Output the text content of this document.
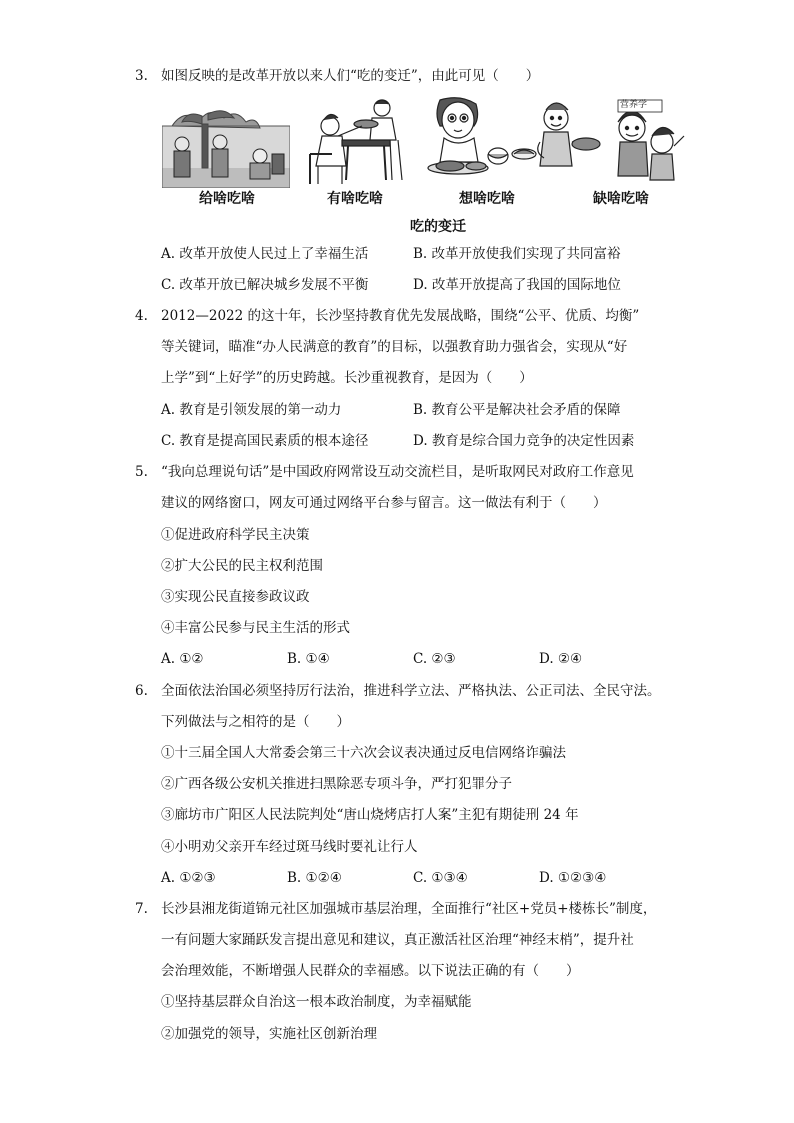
3. 如图反映的是改革开放以来人们“吃的变迁”，由此可见（　　）
营养学
给啥吃啥	有啥吃啥	想啥吃啥	缺啥吃啥
吃的变迁
A. 改革开放使人民过上了幸福生活	B. 改革开放使我们实现了共同富裕
C. 改革开放已解决城乡发展不平衡	D. 改革开放提高了我国的国际地位
4. 2012—2022 的这十年，长沙坚持教育优先发展战略，围绕“公平、优质、均衡”
等关键词，瞄准“办人民满意的教育”的目标，以强教育助力强省会，实现从“好
上学”到“上好学”的历史跨越。长沙重视教育，是因为（　　）
A. 教育是引领发展的第一动力	B. 教育公平是解决社会矛盾的保障
C. 教育是提高国民素质的根本途径	D. 教育是综合国力竞争的决定性因素
5. “我向总理说句话”是中国政府网常设互动交流栏目，是听取网民对政府工作意见
建议的网络窗口，网友可通过网络平台参与留言。这一做法有利于（　　）
①促进政府科学民主决策
②扩大公民的民主权利范围
③实现公民直接参政议政
④丰富公民参与民主生活的形式
A. ①②	B. ①④	C. ②③	D. ②④
6. 全面依法治国必须坚持厉行法治，推进科学立法、严格执法、公正司法、全民守法。
下列做法与之相符的是（　　）
①十三届全国人大常委会第三十六次会议表决通过反电信网络诈骗法
②广西各级公安机关推进扫黑除恶专项斗争，严打犯罪分子
③廊坊市广阳区人民法院判处“唐山烧烤店打人案”主犯有期徒刑 24 年
④小明劝父亲开车经过斑马线时要礼让行人
A. ①②③	B. ①②④	C. ①③④	D. ①②③④
7. 长沙县湘龙街道锦元社区加强城市基层治理，全面推行“社区+党员+楼栋长”制度，
一有问题大家踊跃发言提出意见和建议，真正激活社区治理“神经末梢”，提升社
会治理效能，不断增强人民群众的幸福感。以下说法正确的有（　　）
①坚持基层群众自治这一根本政治制度，为幸福赋能
②加强党的领导，实施社区创新治理
